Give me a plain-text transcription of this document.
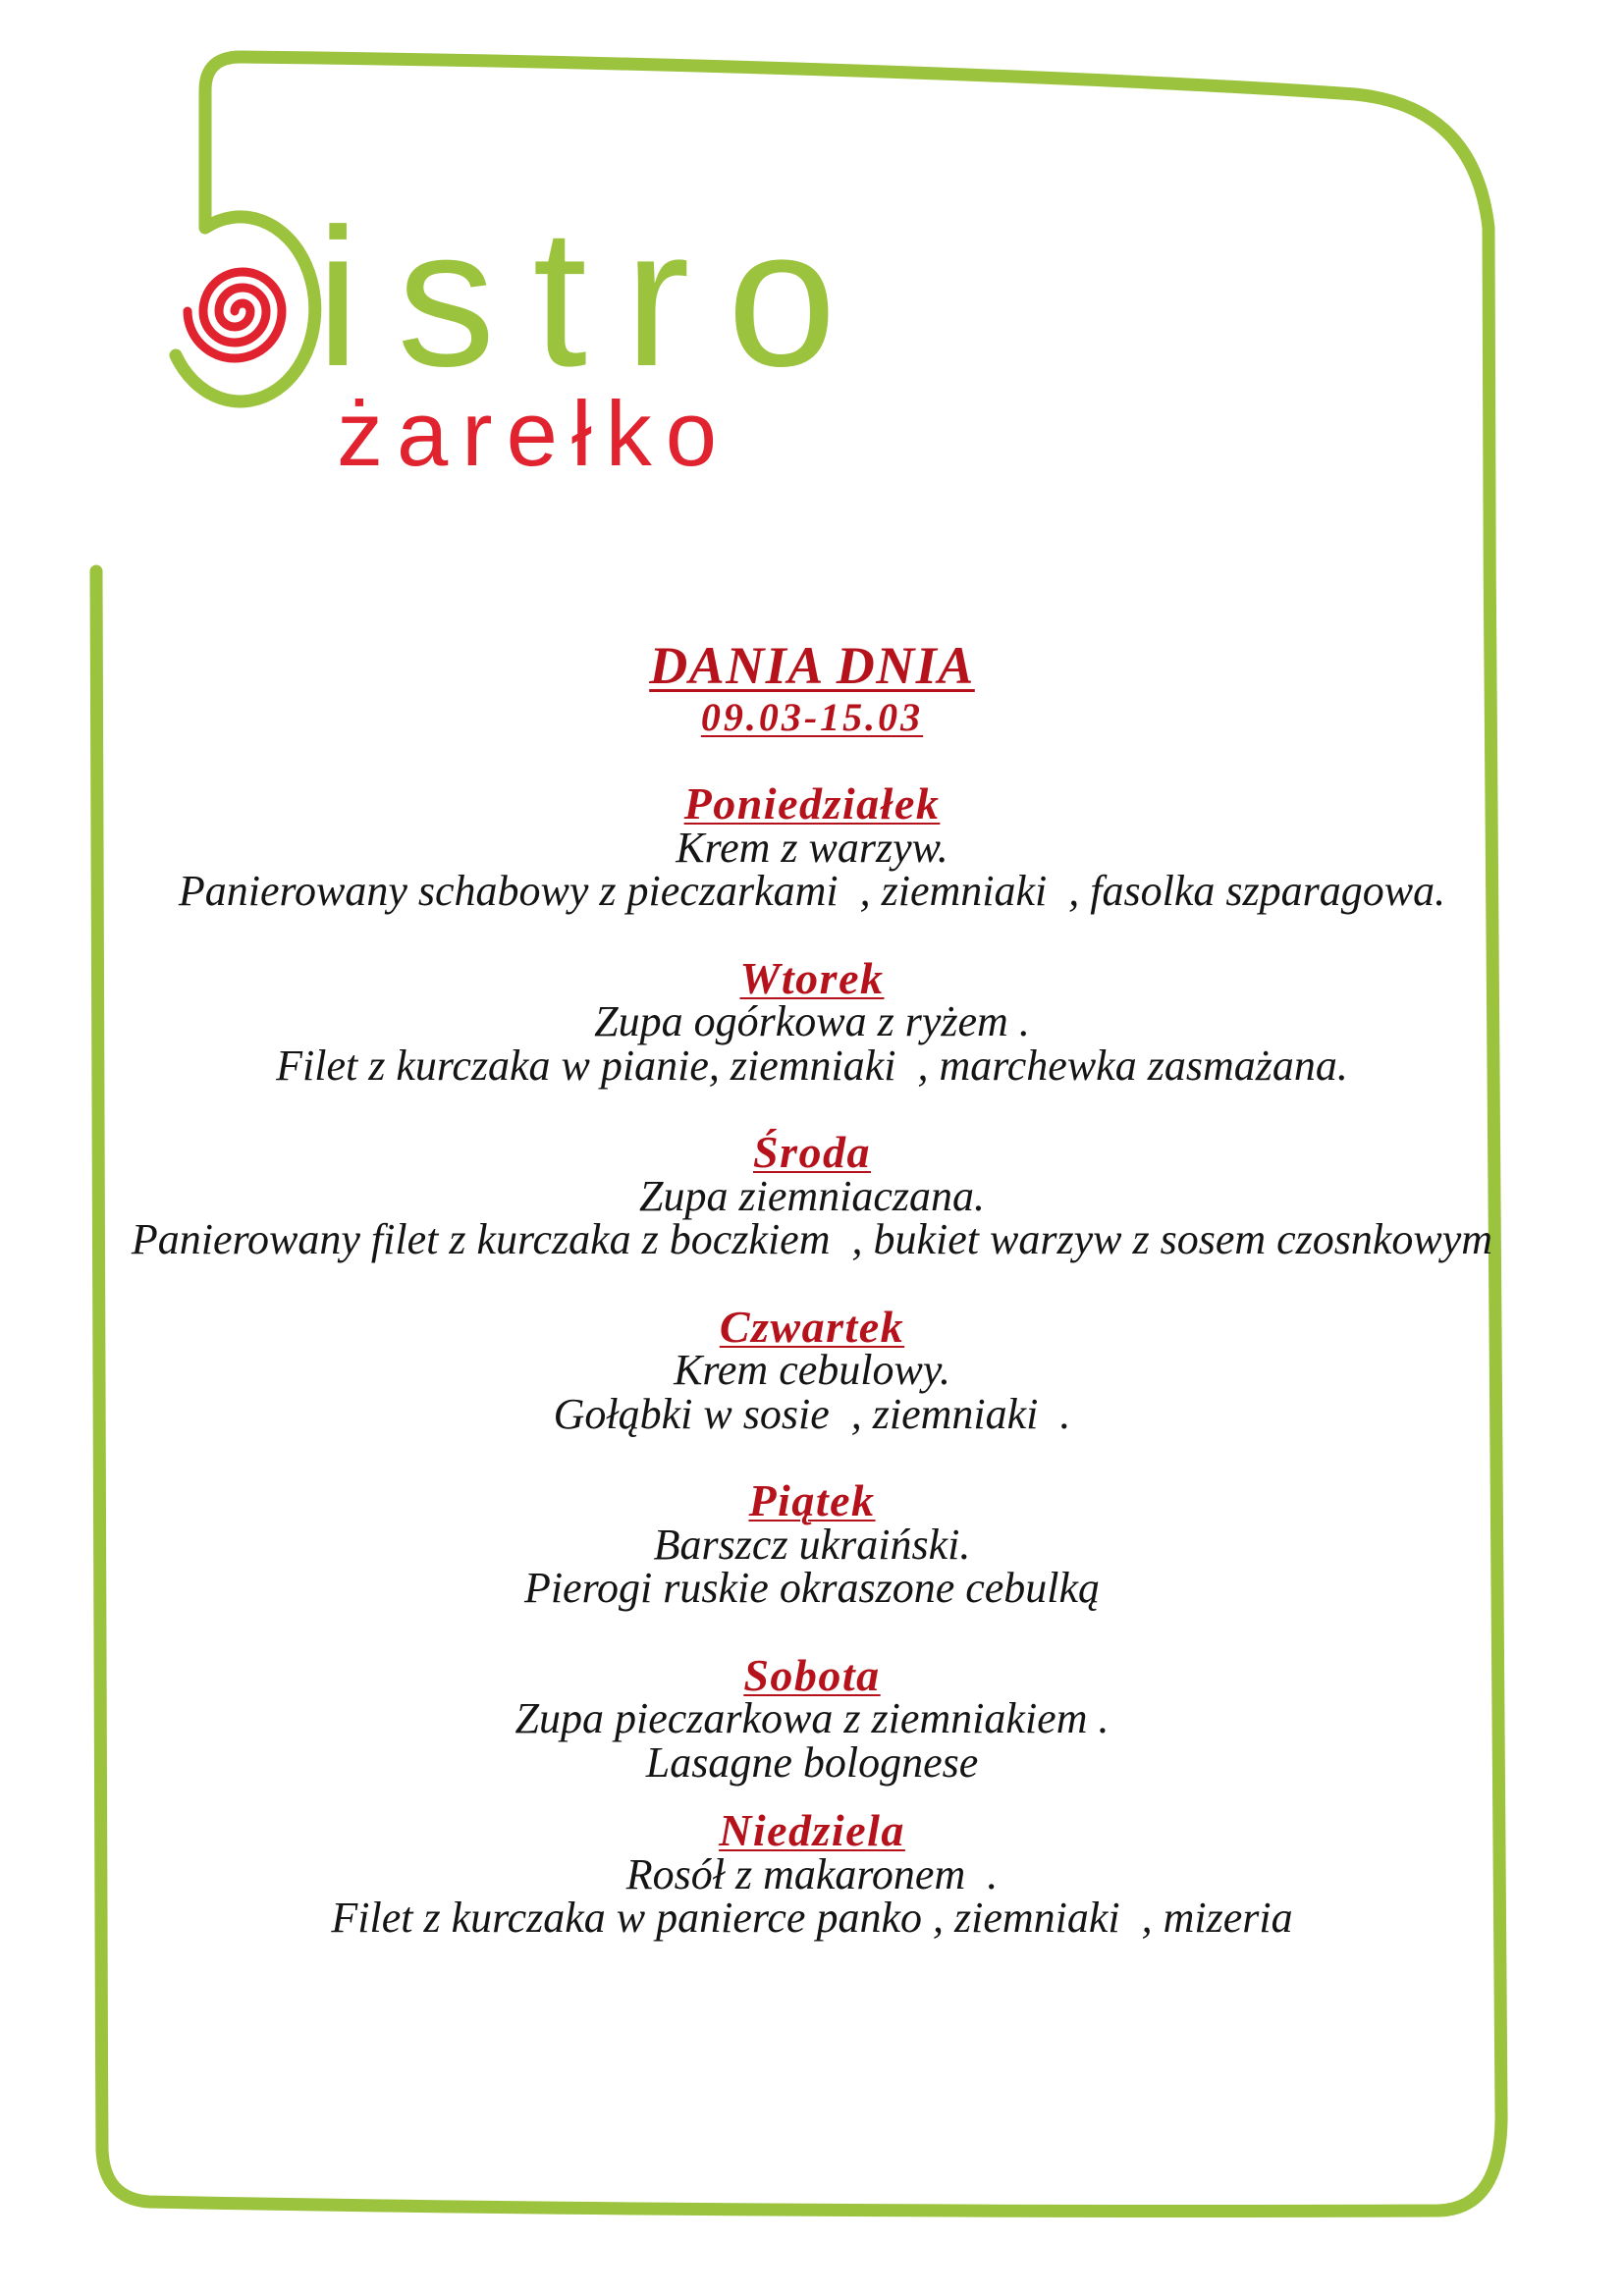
istro
żarełko
DANIA DNIA
09.03-15.03
Poniedziałek
Krem z warzyw.
Panierowany schabowy z pieczarkami  , ziemniaki  , fasolka szparagowa.
Wtorek
Zupa ogórkowa z ryżem .
Filet z kurczaka w pianie, ziemniaki  , marchewka zasmażana.
Środa
Zupa ziemniaczana.
Panierowany filet z kurczaka z boczkiem  , bukiet warzyw z sosem czosnkowym
Czwartek
Krem cebulowy.
Gołąbki w sosie  , ziemniaki  .
Piątek
Barszcz ukraiński.
Pierogi ruskie okraszone cebulką
Sobota
Zupa pieczarkowa z ziemniakiem .
Lasagne bolognese
Niedziela
Rosół z makaronem  .
Filet z kurczaka w panierce panko , ziemniaki  , mizeria
